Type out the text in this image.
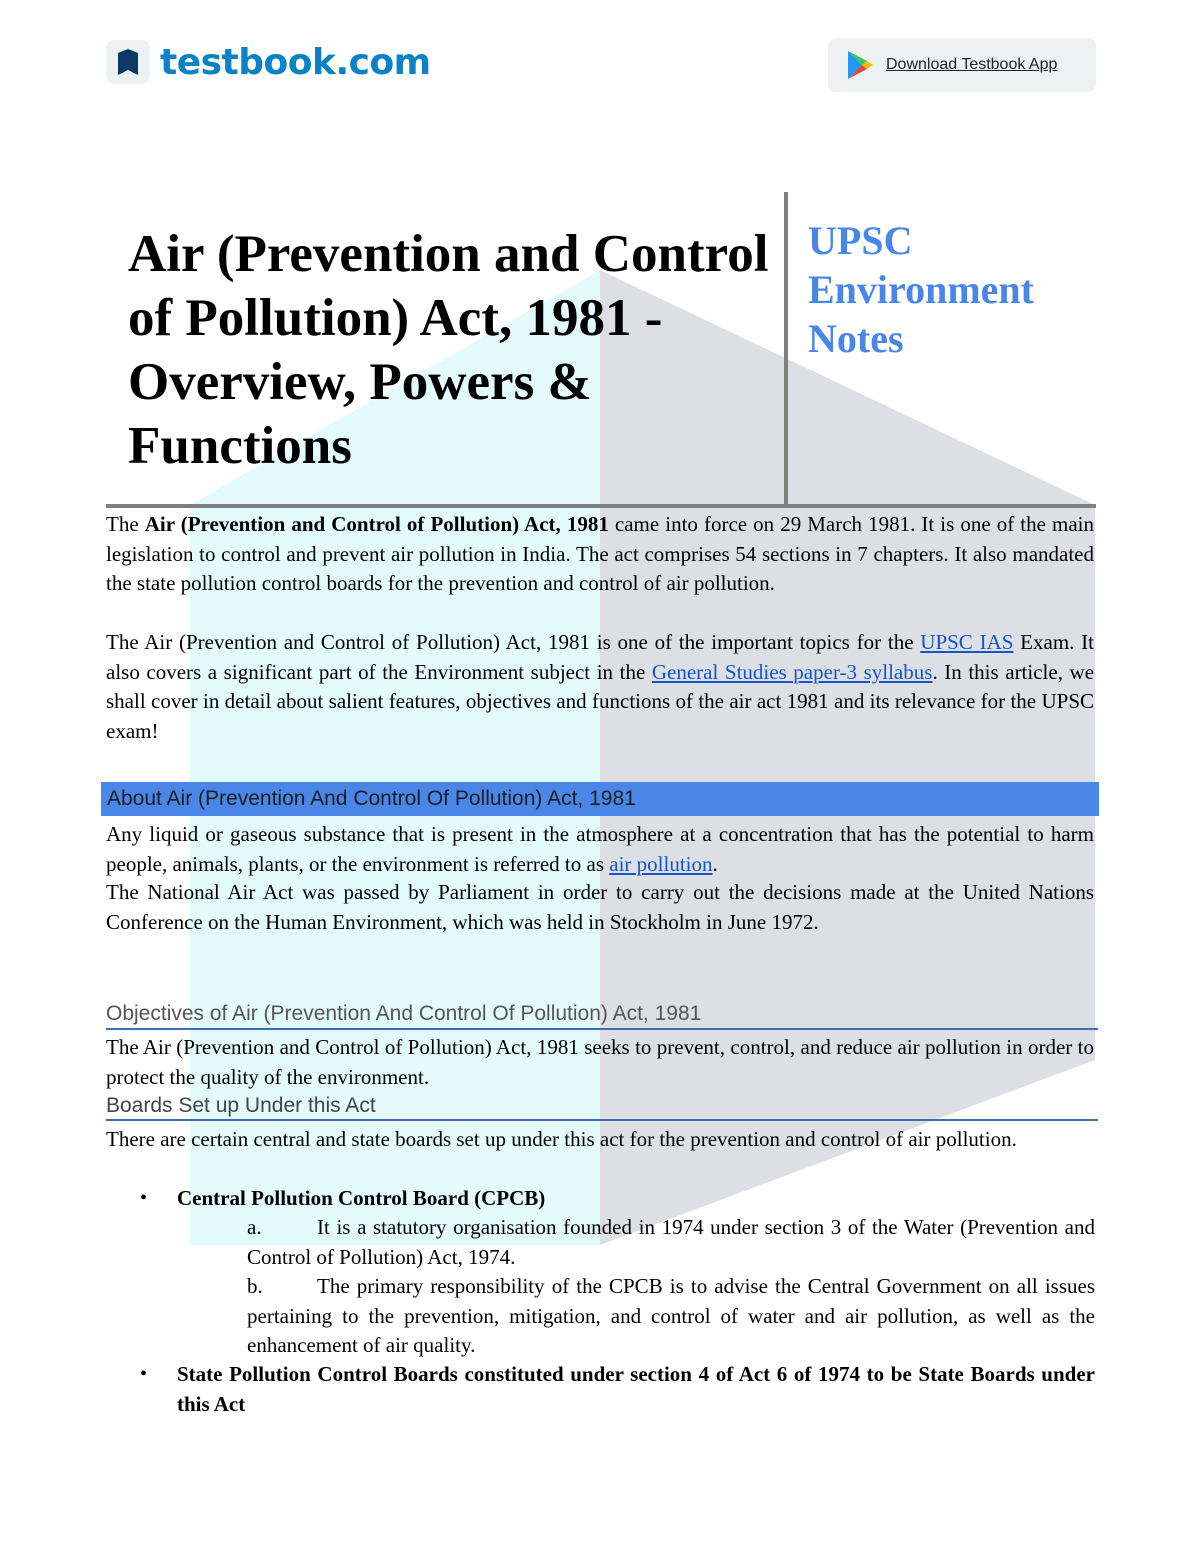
testbook.com	Download Testbook App
Air (Prevention and Control of Pollution) Act, 1981 - Overview, Powers & Functions
UPSC Environment Notes

The Air (Prevention and Control of Pollution) Act, 1981 came into force on 29 March 1981. It is one of the main legislation to control and prevent air pollution in India. The act comprises 54 sections in 7 chapters. It also mandated the state pollution control boards for the prevention and control of air pollution.

The Air (Prevention and Control of Pollution) Act, 1981 is one of the important topics for the UPSC IAS Exam. It also covers a significant part of the Environment subject in the General Studies paper-3 syllabus. In this article, we shall cover in detail about salient features, objectives and functions of the air act 1981 and its relevance for the UPSC exam!

About Air (Prevention And Control Of Pollution) Act, 1981

Any liquid or gaseous substance that is present in the atmosphere at a concentration that has the potential to harm people, animals, plants, or the environment is referred to as air pollution.

The National Air Act was passed by Parliament in order to carry out the decisions made at the United Nations Conference on the Human Environment, which was held in Stockholm in June 1972.

Objectives of Air (Prevention And Control Of Pollution) Act, 1981

The Air (Prevention and Control of Pollution) Act, 1981 seeks to prevent, control, and reduce air pollution in order to protect the quality of the environment.

Boards Set up Under this Act

There are certain central and state boards set up under this act for the prevention and control of air pollution.

• Central Pollution Control Board (CPCB)

a.	It is a statutory organisation founded in 1974 under section 3 of the Water (Prevention and Control of Pollution) Act, 1974.

b.	The primary responsibility of the CPCB is to advise the Central Government on all issues pertaining to the prevention, mitigation, and control of water and air pollution, as well as the enhancement of air quality.

• State Pollution Control Boards constituted under section 4 of Act 6 of 1974 to be State Boards under this Act
